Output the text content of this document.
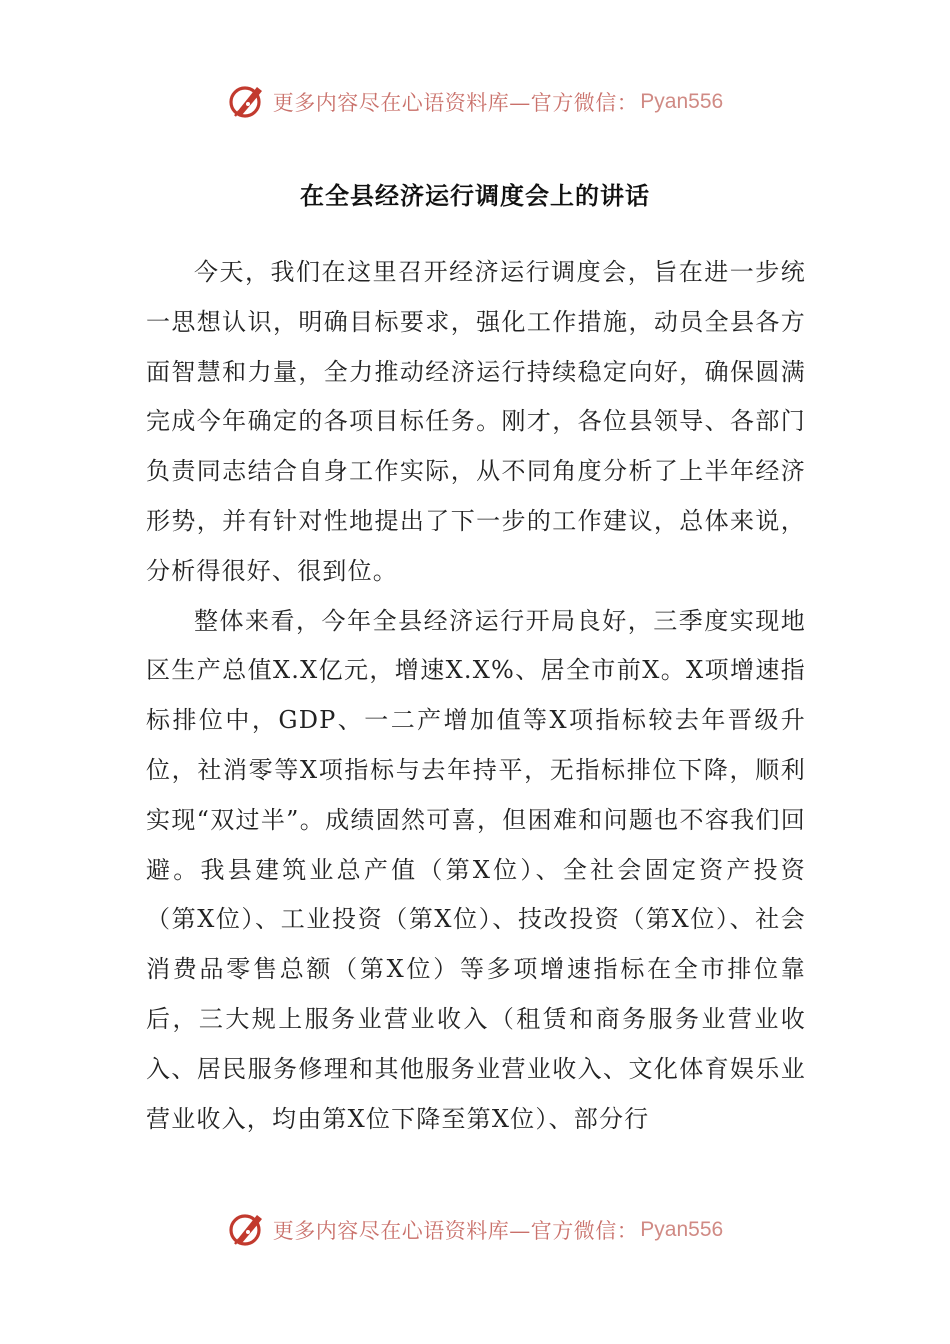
更多内容尽在心语资料库—官方微信： Pyan556
在全县经济运行调度会上的讲话

今天，我们在这里召开经济运行调度会，旨在进一步统一思想认识，明确目标要求，强化工作措施，动员全县各方面智慧和力量，全力推动经济运行持续稳定向好，确保圆满完成今年确定的各项目标任务。刚才，各位县领导、各部门负责同志结合自身工作实际，从不同角度分析了上半年经济形势，并有针对性地提出了下一步的工作建议，总体来说，分析得很好、很到位。

整体来看，今年全县经济运行开局良好，三季度实现地区生产总值X.X亿元，增速X.X%、居全市前X。X项增速指标排位中，GDP、一二产增加值等X项指标较去年晋级升位，社消零等X项指标与去年持平，无指标排位下降，顺利实现“双过半”。成绩固然可喜，但困难和问题也不容我们回避。我县建筑业总产值（第X位）、全社会固定资产投资（第X位）、工业投资（第X位）、技改投资（第X位）、社会消费品零售总额（第X位）等多项增速指标在全市排位靠后，三大规上服务业营业收入（租赁和商务服务业营业收入、居民服务修理和其他服务业营业收入、文化体育娱乐业营业收入，均由第X位下降至第X位）、部分行

更多内容尽在心语资料库—官方微信： Pyan556
